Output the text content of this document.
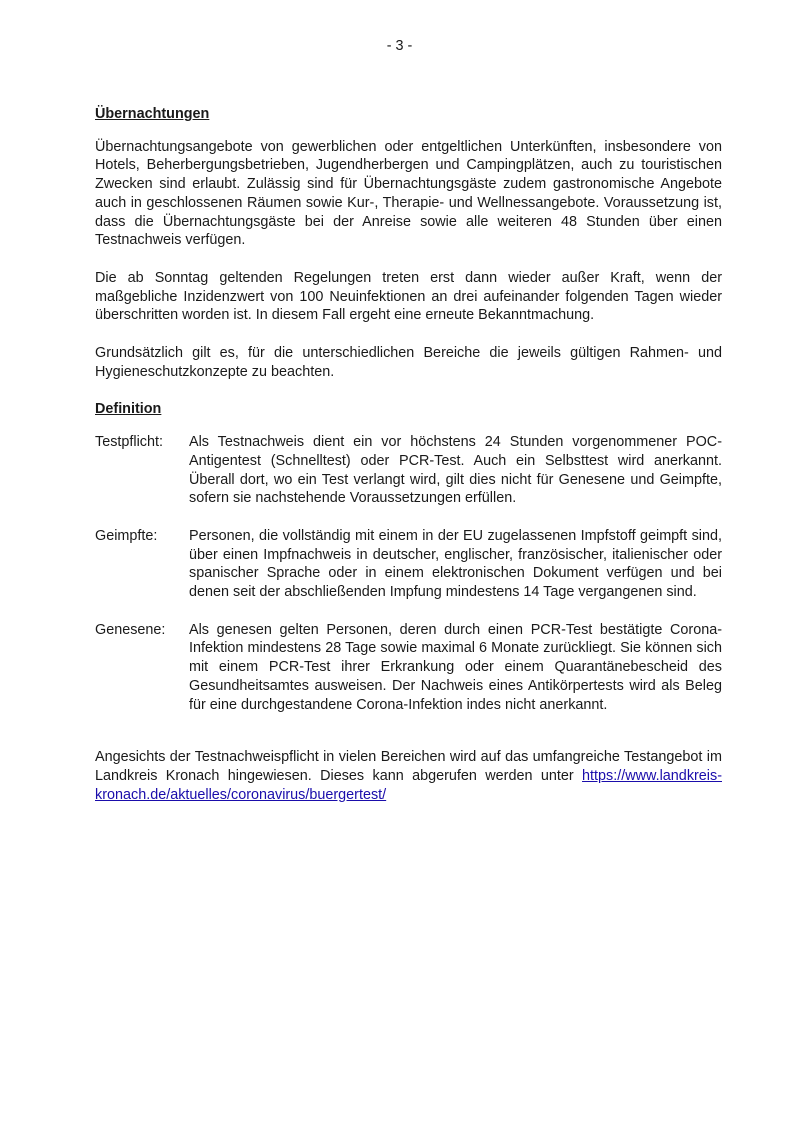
- 3 -
Übernachtungen

Übernachtungsangebote von gewerblichen oder entgeltlichen Unterkünften, insbesondere von Hotels, Beherbergungsbetrieben, Jugendherbergen und Campingplätzen, auch zu touristischen Zwecken sind erlaubt. Zulässig sind für Übernachtungsgäste zudem gastronomische Angebote auch in geschlossenen Räumen sowie Kur-, Therapie- und Wellnessangebote. Voraussetzung ist, dass die Übernachtungsgäste bei der Anreise sowie alle weiteren 48 Stunden über einen Testnachweis verfügen.

Die ab Sonntag geltenden Regelungen treten erst dann wieder außer Kraft, wenn der maßgebliche Inzidenzwert von 100 Neuinfektionen an drei aufeinander folgenden Tagen wieder überschritten worden ist. In diesem Fall ergeht eine erneute Bekanntmachung.

Grundsätzlich gilt es, für die unterschiedlichen Bereiche die jeweils gültigen Rahmen- und Hygieneschutzkonzepte zu beachten.

Definition
Testpflicht:	Als Testnachweis dient ein vor höchstens 24 Stunden vorgenommener POC-Antigentest (Schnelltest) oder PCR-Test. Auch ein Selbsttest wird anerkannt. Überall dort, wo ein Test verlangt wird, gilt dies nicht für Genesene und Geimpfte, sofern sie nachstehende Voraussetzungen erfüllen.
Geimpfte:	Personen, die vollständig mit einem in der EU zugelassenen Impfstoff geimpft sind, über einen Impfnachweis in deutscher, englischer, französischer, italienischer oder spanischer Sprache oder in einem elektronischen Dokument verfügen und bei denen seit der abschließenden Impfung mindestens 14 Tage vergangenen sind.
Genesene:	Als genesen gelten Personen, deren durch einen PCR-Test bestätigte Corona-Infektion mindestens 28 Tage sowie maximal 6 Monate zurückliegt. Sie können sich mit einem PCR-Test ihrer Erkrankung oder einem Quarantänebescheid des Gesundheitsamtes ausweisen. Der Nachweis eines Antikörpertests wird als Beleg für eine durchgestandene Corona-Infektion indes nicht anerkannt.

Angesichts der Testnachweispflicht in vielen Bereichen wird auf das umfangreiche Testangebot im Landkreis Kronach hingewiesen. Dieses kann abgerufen werden unter https://www.landkreis-kronach.de/aktuelles/coronavirus/buergertest/
